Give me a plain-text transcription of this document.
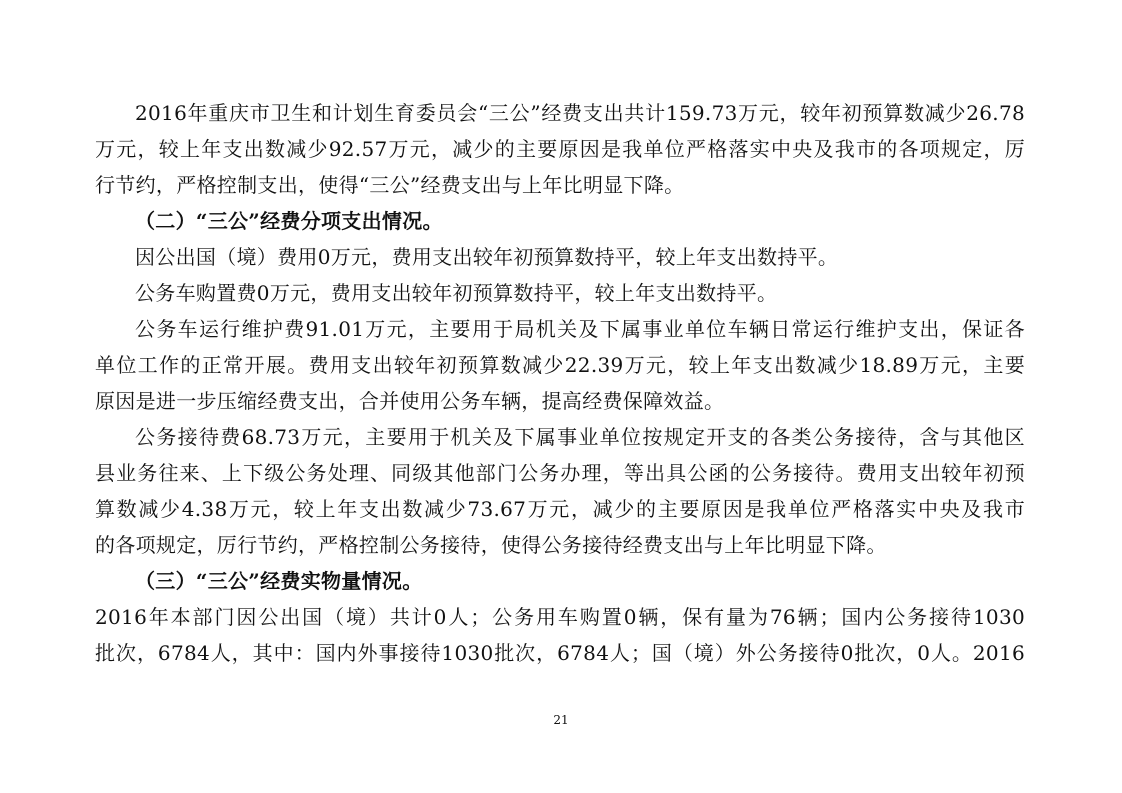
2016年重庆市卫生和计划生育委员会“三公”经费支出共计159.73万元，较年初预算数减少26.78
万元，较上年支出数减少92.57万元，减少的主要原因是我单位严格落实中央及我市的各项规定，厉
行节约，严格控制支出，使得“三公”经费支出与上年比明显下降。
（二）“三公”经费分项支出情况。
因公出国（境）费用0万元，费用支出较年初预算数持平，较上年支出数持平。
公务车购置费0万元，费用支出较年初预算数持平，较上年支出数持平。
公务车运行维护费91.01万元，主要用于局机关及下属事业单位车辆日常运行维护支出，保证各
单位工作的正常开展。费用支出较年初预算数减少22.39万元，较上年支出数减少18.89万元，主要
原因是进一步压缩经费支出，合并使用公务车辆，提高经费保障效益。
公务接待费68.73万元，主要用于机关及下属事业单位按规定开支的各类公务接待，含与其他区
县业务往来、上下级公务处理、同级其他部门公务办理，等出具公函的公务接待。费用支出较年初预
算数减少4.38万元，较上年支出数减少73.67万元，减少的主要原因是我单位严格落实中央及我市
的各项规定，厉行节约，严格控制公务接待，使得公务接待经费支出与上年比明显下降。
（三）“三公”经费实物量情况。
2016年本部门因公出国（境）共计0人；公务用车购置0辆，保有量为76辆；国内公务接待1030
批次，6784人，其中：国内外事接待1030批次，6784人；国（境）外公务接待0批次，0人。2016
21
